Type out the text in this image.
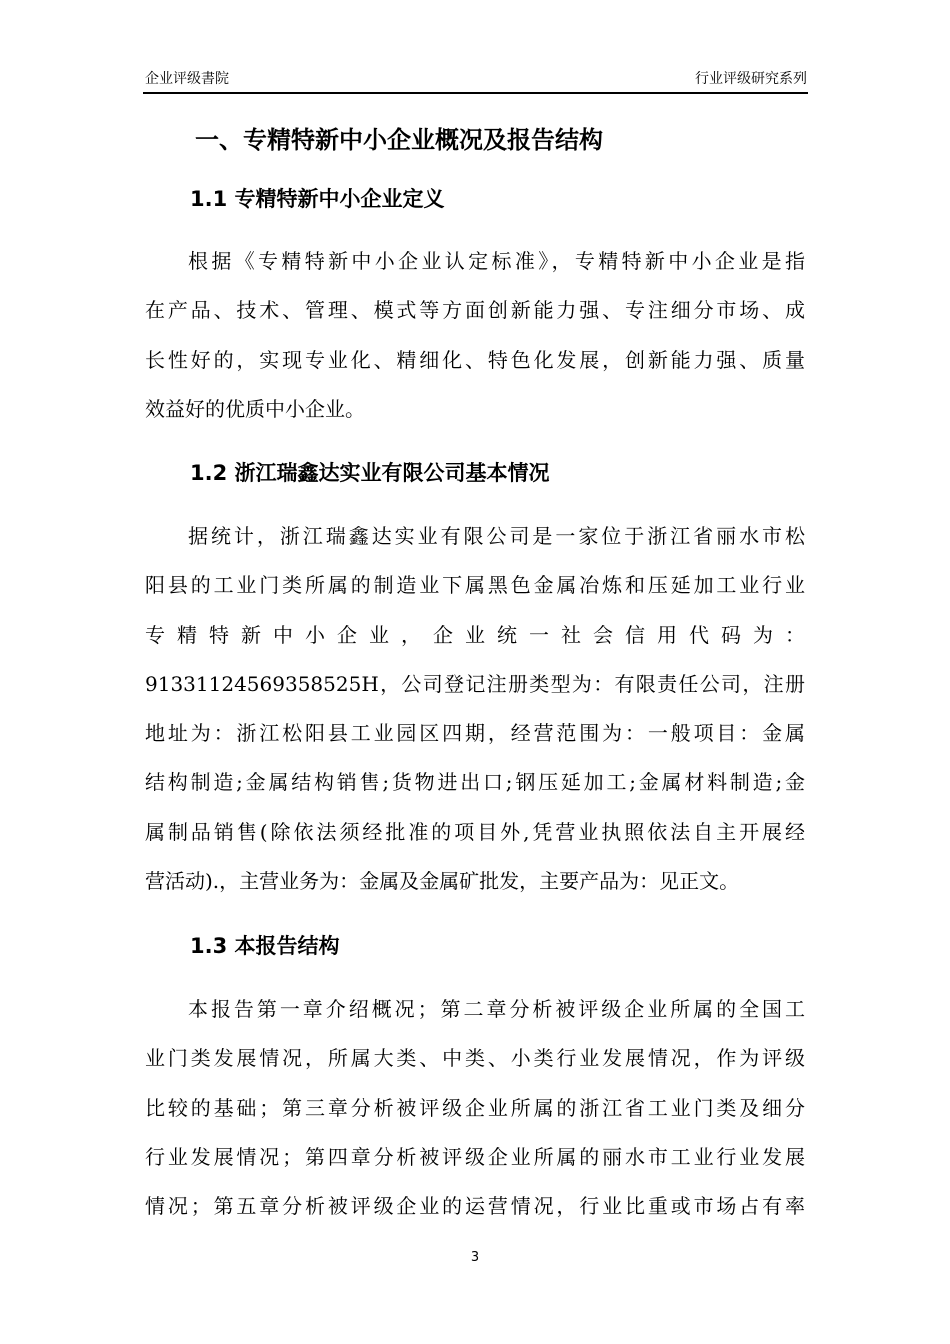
企业评级書院	行业评级研究系列
一、专精特新中小企业概况及报告结构
1.1 专精特新中小企业定义
根据《专精特新中小企业认定标准》，专精特新中小企业是指
在产品、技术、管理、模式等方面创新能力强、专注细分市场、成
长性好的，实现专业化、精细化、特色化发展，创新能力强、质量
效益好的优质中小企业。
1.2 浙江瑞鑫达实业有限公司基本情况
据统计，浙江瑞鑫达实业有限公司是一家位于浙江省丽水市松
阳县的工业门类所属的制造业下属黑色金属冶炼和压延加工业行业
专精特新中小企业，企业统一社会信用代码为：
91331124569358525H，公司登记注册类型为：有限责任公司，注册
地址为：浙江松阳县工业园区四期，经营范围为：一般项目：金属
结构制造;金属结构销售;货物进出口;钢压延加工;金属材料制造;金
属制品销售(除依法须经批准的项目外,凭营业执照依法自主开展经
营活动).，主营业务为：金属及金属矿批发，主要产品为：见正文。
1.3 本报告结构
本报告第一章介绍概况；第二章分析被评级企业所属的全国工
业门类发展情况，所属大类、中类、小类行业发展情况，作为评级
比较的基础；第三章分析被评级企业所属的浙江省工业门类及细分
行业发展情况；第四章分析被评级企业所属的丽水市工业行业发展
情况；第五章分析被评级企业的运营情况，行业比重或市场占有率
3
